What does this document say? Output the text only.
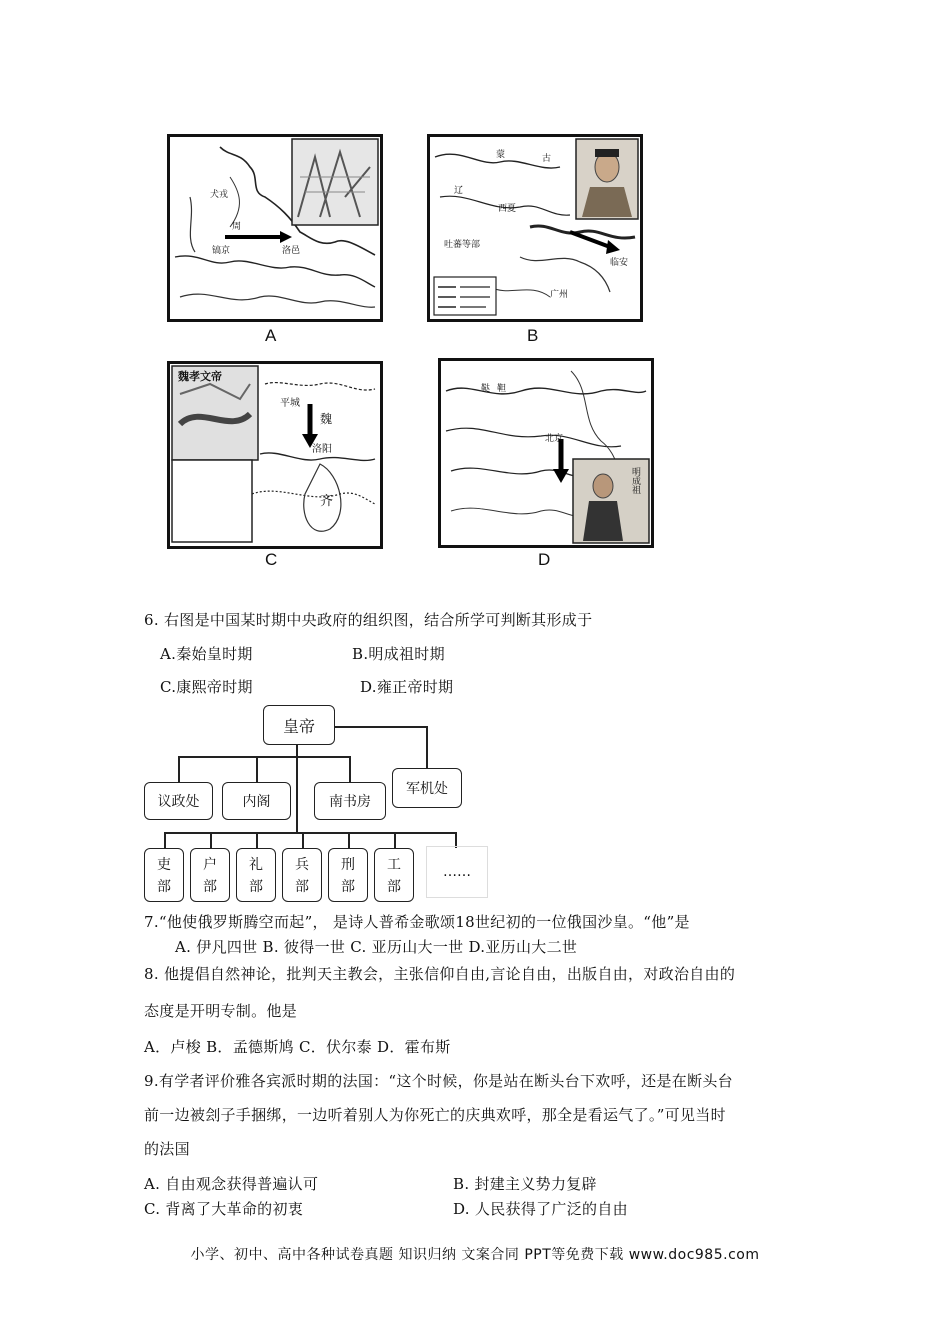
犬戎
周
镐京	洛邑
A
蒙	古
辽
西夏
吐蕃等部
临安
广州
B
魏孝文帝
平城
魏
洛阳
齐
C
鞑 靼
北京
明成祖
D
6. 右图是中国某时期中央政府的组织图，结合所学可判断其形成于
A.秦始皇时期	B.明成祖时期
C.康熙帝时期	D.雍正帝时期
皇帝
议政处	内阁	南书房
军机处
吏
部
户
部
礼
部
兵
部
刑
部
工
部
……
7.“他使俄罗斯腾空而起”， 是诗人普希金歌颂18世纪初的一位俄国沙皇。“他”是
A. 伊凡四世 B. 彼得一世 C. 亚历山大一世 D.亚历山大二世
8. 他提倡自然神论，批判天主教会，主张信仰自由,言论自由，出版自由，对政治自由的
态度是开明专制。他是
A．卢梭 B．孟德斯鸠 C．伏尔泰 D．霍布斯
9.有学者评价雅各宾派时期的法国：“这个时候，你是站在断头台下欢呼，还是在断头台
前一边被刽子手捆绑，一边听着别人为你死亡的庆典欢呼，那全是看运气了。”可见当时
的法国
A. 自由观念获得普遍认可	B. 封建主义势力复辟
C. 背离了大革命的初衷	D. 人民获得了广泛的自由
小学、初中、高中各种试卷真题 知识归纳 文案合同 PPT等免费下载 www.doc985.com
